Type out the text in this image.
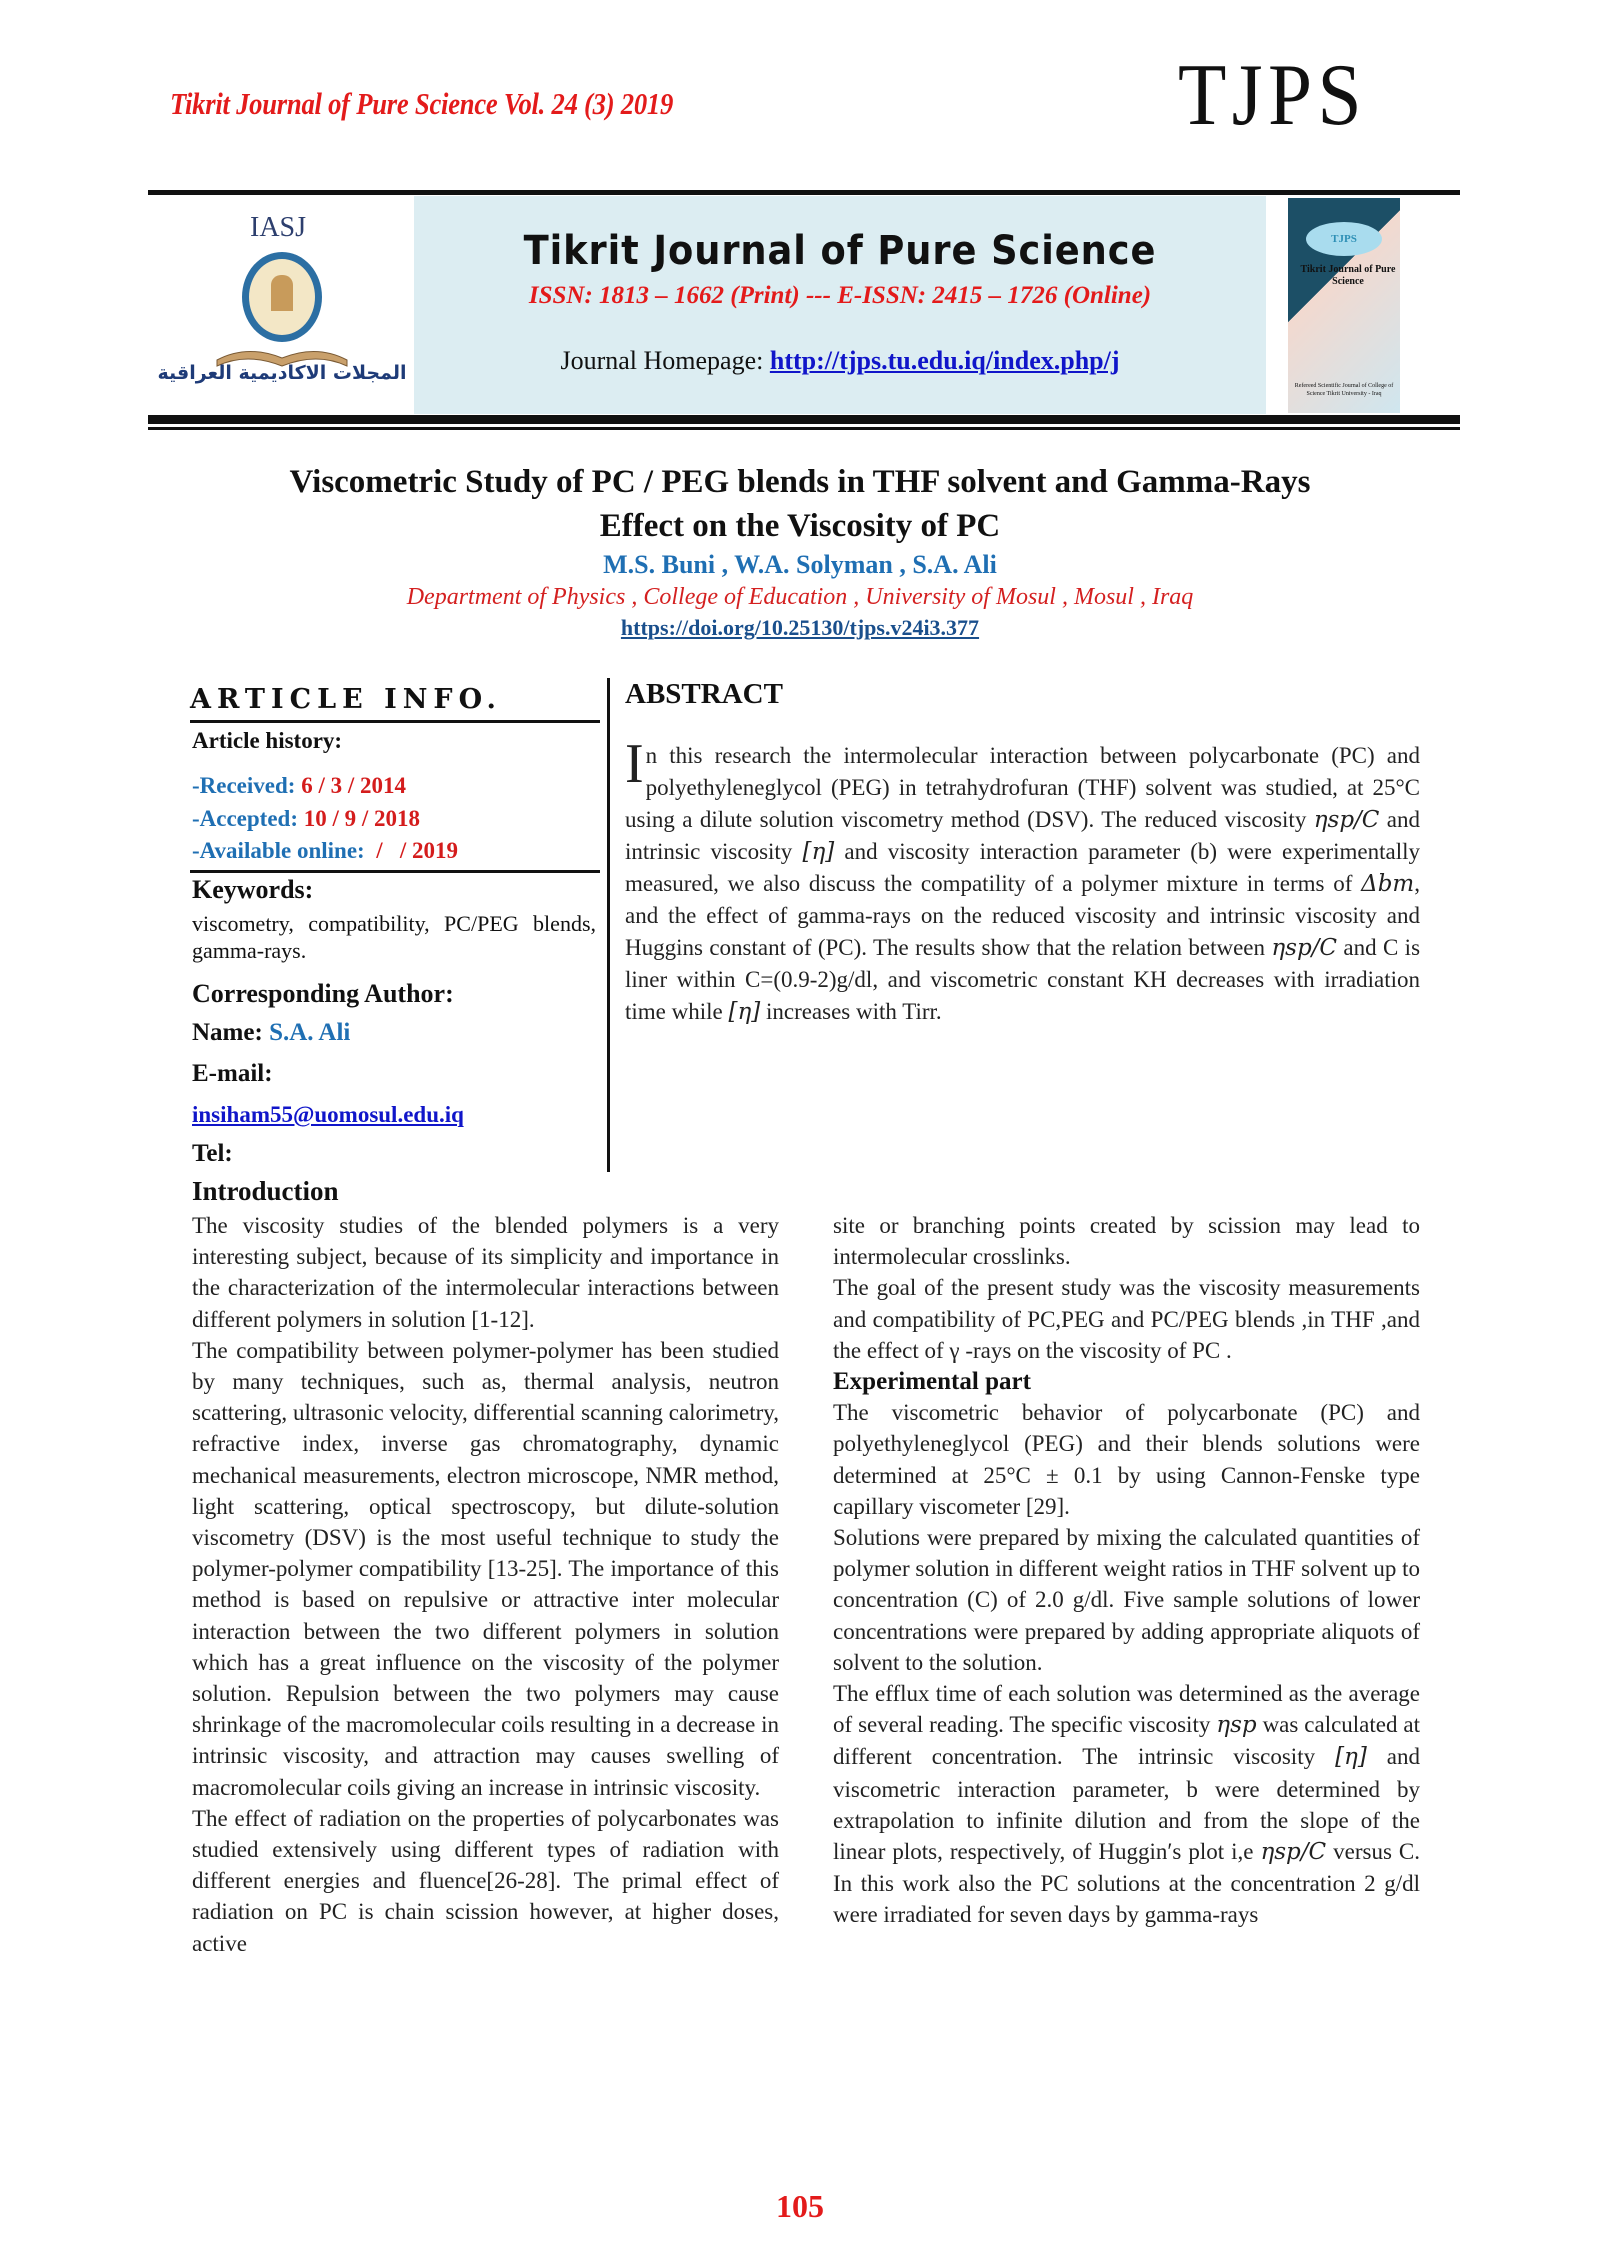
Tikrit Journal of Pure Science Vol. 24 (3) 2019	TJPS
IASJ
المجلات الاكاديمية العراقية
Tikrit Journal of Pure Science
ISSN: 1813 – 1662 (Print) --- E-ISSN: 2415 – 1726 (Online)
Journal Homepage: http://tjps.tu.edu.iq/index.php/j
TJPS
Tikrit Journal of Pure Science
Refereed Scientific Journal of College of Science Tikrit University - Iraq
Viscometric Study of PC / PEG blends in THF solvent and Gamma-Rays
Effect on the Viscosity of PC
M.S. Buni , W.A. Solyman , S.A. Ali
Department of Physics , College of Education , University of Mosul , Mosul , Iraq
https://doi.org/10.25130/tjps.v24i3.377
ARTICLE INFO.
Article history:
-Received: 6 / 3 / 2014
-Accepted: 10 / 9 / 2018
-Available online:  /   / 2019
Keywords:
viscometry, compatibility, PC/PEG blends, gamma-rays.
Corresponding Author:
Name: S.A. Ali
E-mail:
insiham55@uomosul.edu.iq
Tel:
ABSTRACT
In this research the intermolecular interaction between polycarbonate (PC) and polyethyleneglycol (PEG) in tetrahydrofuran (THF) solvent was studied, at 25°C using a dilute solution viscometry method (DSV). The reduced viscosity ηsp/C and intrinsic viscosity [η] and viscosity interaction parameter (b) were experimentally measured, we also discuss the compatility of a polymer mixture in terms of Δbm, and the effect of gamma-rays on the reduced viscosity and intrinsic viscosity and Huggins constant of (PC). The results show that the relation between ηsp/C and C is liner within C=(0.9-2)g/dl, and viscometric constant KH decreases with irradiation time while [η] increases with Tirr.
Introduction

The viscosity studies of the blended polymers is a very interesting subject, because of its simplicity and importance in the characterization of the intermolecular interactions between different polymers in solution [1-12].

The compatibility between polymer-polymer has been studied by many techniques, such as, thermal analysis, neutron scattering, ultrasonic velocity, differential scanning calorimetry, refractive index, inverse gas chromatography, dynamic mechanical measurements, electron microscope, NMR method, light scattering, optical spectroscopy, but dilute-solution viscometry (DSV) is the most useful technique to study the polymer-polymer compatibility [13-25]. The importance of this method is based on repulsive or attractive inter molecular interaction between the two different polymers in solution which has a great influence on the viscosity of the polymer solution. Repulsion between the two polymers may cause shrinkage of the macromolecular coils resulting in a decrease in intrinsic viscosity, and attraction may causes swelling of macromolecular coils giving an increase in intrinsic viscosity.

The effect of radiation on the properties of polycarbonates was studied extensively using different types of radiation with different energies and fluence[26-28]. The primal effect of radiation on PC is chain scission however, at higher doses, active

site or branching points created by scission may lead to intermolecular crosslinks.

The goal of the present study was the viscosity measurements and compatibility of PC,PEG and PC/PEG blends ,in THF ,and the effect of γ -rays on the viscosity of PC .

Experimental part

The viscometric behavior of polycarbonate (PC) and polyethyleneglycol (PEG) and their blends solutions were determined at 25°C ± 0.1 by using Cannon-Fenske type capillary viscometer [29].

Solutions were prepared by mixing the calculated quantities of polymer solution in different weight ratios in THF solvent up to concentration (C) of 2.0 g/dl. Five sample solutions of lower concentrations were prepared by adding appropriate aliquots of solvent to the solution.

The efflux time of each solution was determined as the average of several reading. The specific viscosity ηsp was calculated at different concentration. The intrinsic viscosity [η] and viscometric interaction parameter, b were determined by extrapolation to infinite dilution and from the slope of the linear plots, respectively, of Huggin′s plot i,e ηsp/C versus C. In this work also the PC solutions at the concentration 2 g/dl were irradiated for seven days by gamma-rays

105
